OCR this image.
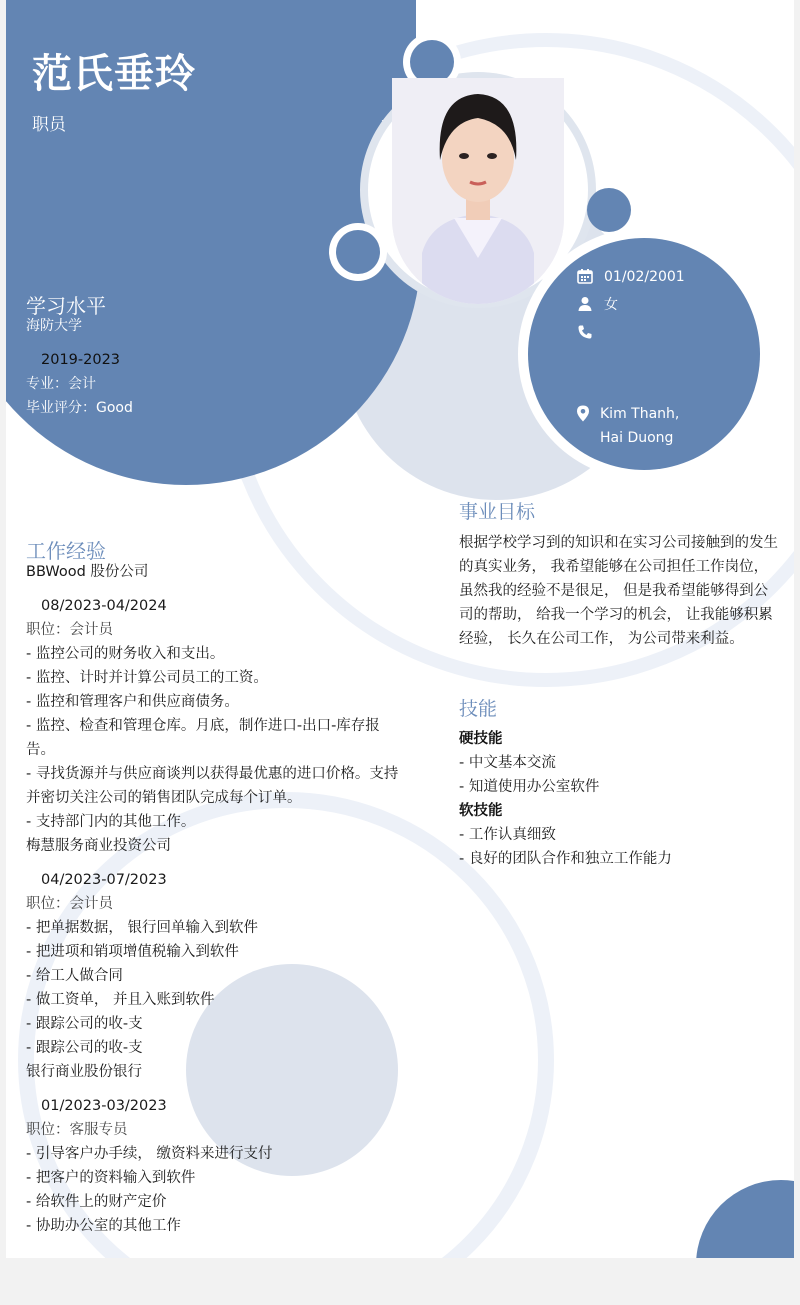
范氏垂玲
职员
学习水平
海防大学
2019-2023
专业：会计
毕业评分：Good
01/02/2001
女
Kim Thanh, Hai Duong
事业目标
根据学校学习到的知识和在实习公司接触到的发生的真实业务， 我希望能够在公司担任工作岗位， 虽然我的经验不是很足， 但是我希望能够得到公司的帮助， 给我一个学习的机会， 让我能够积累经验， 长久在公司工作， 为公司带来利益。
技能
硬技能
- 中文基本交流
- 知道使用办公室软件
软技能
- 工作认真细致
- 良好的团队合作和独立工作能力
工作经验
BBWood 股份公司
08/2023-04/2024
职位：会计员
- 监控公司的财务收入和支出。
- 监控、计时并计算公司员工的工资。
- 监控和管理客户和供应商债务。
- 监控、检查和管理仓库。月底，制作进口-出口-库存报告。
- 寻找货源并与供应商谈判以获得最优惠的进口价格。支持并密切关注公司的销售团队完成每个订单。
- 支持部门内的其他工作。
梅慧服务商业投资公司
04/2023-07/2023
职位：会计员
- 把单据数据， 银行回单输入到软件
- 把进项和销项增值税输入到软件
- 给工人做合同
- 做工资单， 并且入账到软件
- 跟踪公司的收-支
- 跟踪公司的收-支
银行商业股份银行
01/2023-03/2023
职位：客服专员
- 引导客户办手续， 缴资料来进行支付
- 把客户的资料输入到软件
- 给软件上的财产定价
- 协助办公室的其他工作
